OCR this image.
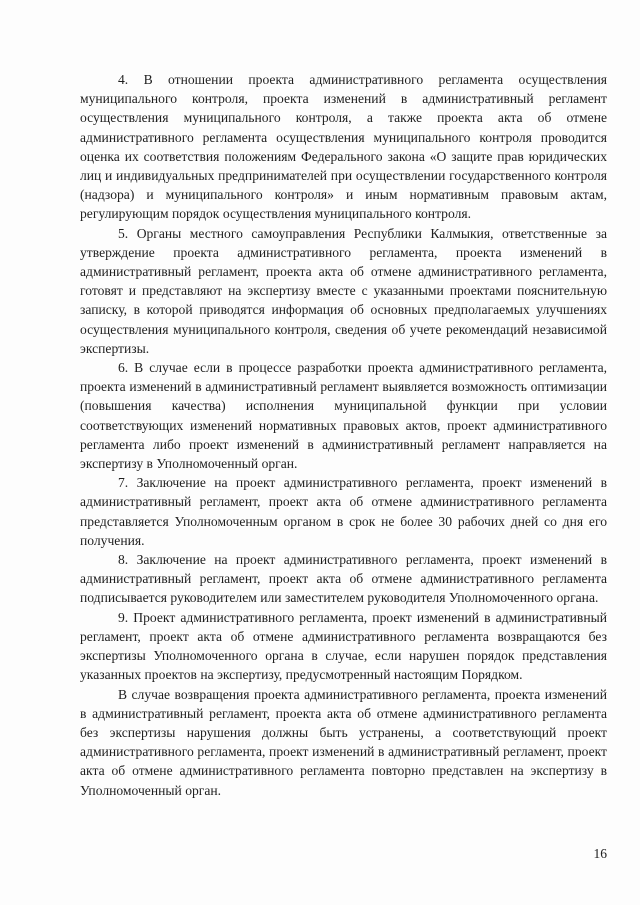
4. В отношении проекта административного регламента осуществления муниципального контроля, проекта изменений в административный регламент осуществления муниципального контроля, а также проекта акта об отмене административного регламента осуществления муниципального контроля проводится оценка их соответствия положениям Федерального закона «О защите прав юридических лиц и индивидуальных предпринимателей при осуществлении государственного контроля (надзора) и муниципального контроля» и иным нормативным правовым актам, регулирующим порядок осуществления муниципального контроля.

5. Органы местного самоуправления Республики Калмыкия, ответственные за утверждение проекта административного регламента, проекта изменений в административный регламент, проекта акта об отмене административного регламента, готовят и представляют на экспертизу вместе с указанными проектами пояснительную записку, в которой приводятся информация об основных предполагаемых улучшениях осуществления муниципального контроля, сведения об учете рекомендаций независимой экспертизы.

6. В случае если в процессе разработки проекта административного регламента, проекта изменений в административный регламент выявляется возможность оптимизации (повышения качества) исполнения муниципальной функции при условии соответствующих изменений нормативных правовых актов, проект административного регламента либо проект изменений в административный регламент направляется на экспертизу в Уполномоченный орган.

7. Заключение на проект административного регламента, проект изменений в административный регламент, проект акта об отмене административного регламента представляется Уполномоченным органом в срок не более 30 рабочих дней со дня его получения.

8. Заключение на проект административного регламента, проект изменений в административный регламент, проект акта об отмене административного регламента подписывается руководителем или заместителем руководителя Уполномоченного органа.

9. Проект административного регламента, проект изменений в административный регламент, проект акта об отмене административного регламента возвращаются без экспертизы Уполномоченного органа в случае, если нарушен порядок представления указанных проектов на экспертизу, предусмотренный настоящим Порядком.

В случае возвращения проекта административного регламента, проекта изменений в административный регламент, проекта акта об отмене административного регламента без экспертизы нарушения должны быть устранены, а соответствующий проект административного регламента, проект изменений в административный регламент, проект акта об отмене административного регламента повторно представлен на экспертизу в Уполномоченный орган.

16
